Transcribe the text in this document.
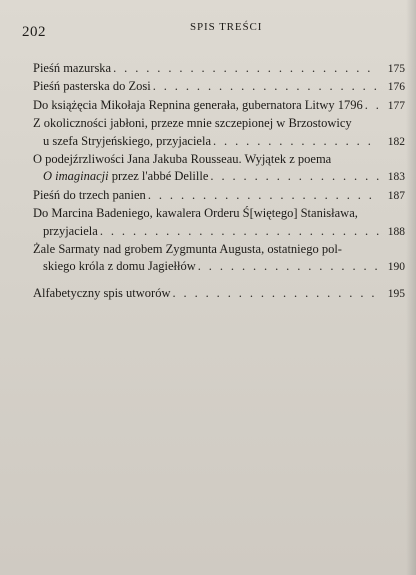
202	SPIS TREŚCI
Pieśń mazurska . . .	175
Pieśń pasterska do Zosi . . .	176
Do książęcia Mikołaja Repnina generała, gubernatora Litwy 1796 . . .	177
Z okoliczności jabłoni, przeze mnie szczepionej w Brzostowicy
u szefa Stryjeńskiego, przyjaciela . . .	182
O podejźrzliwości Jana Jakuba Rousseau. Wyjątek z poema
O imaginacji przez l'abbé Delille . . .	183
Pieśń do trzech panien . . .	187
Do Marcina Badeniego, kawalera Orderu Ś[więtego] Stanisława,
przyjaciela . . .	188
Żale Sarmaty nad grobem Zygmunta Augusta, ostatniego pol-
skiego króla z domu Jagiełłów . . .	190
Alfabetyczny spis utworów . . .	195
